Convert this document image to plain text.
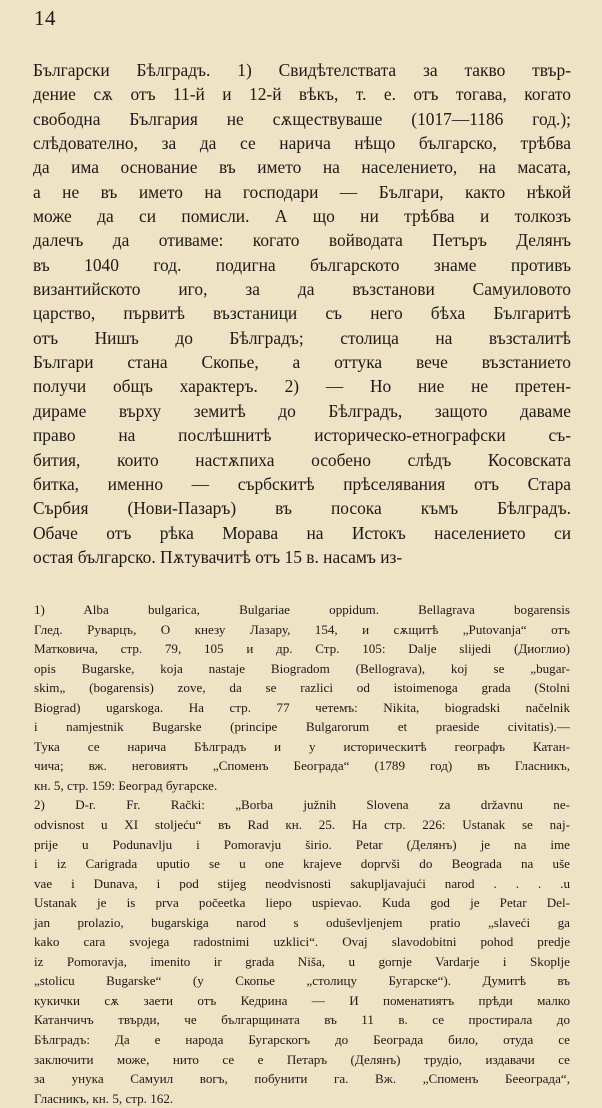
14
Български Бѣлградъ. 1) Свидѣтелствата за такво твър-
дение сѫ отъ 11-й и 12-й вѣкъ, т. е. отъ тогава, когато
свободна България не сѫществуваше (1017—1186 год.);
слѣдователно, за да се нарича нѣщо българско, трѣбва
да има основание въ името на населението, на масата,
а не въ името на господари — Българи, както нѣкой
може да си помисли. А що ни трѣбва и толкозъ
далечъ да отиваме: когато войводата Петъръ Делянъ
въ 1040 год. подигна българското знаме противъ
византийското иго, за да възстанови Самуиловото
царство, първитѣ възстаници съ него бѣха Българитѣ
отъ Нишъ до Бѣлградъ; столица на възсталитѣ
Българи стана Скопье, а оттука вече възстанието
получи общъ характеръ. 2) — Но ние не претен-
дираме върху земитѣ до Бѣлградъ, защото даваме
право на послѣшнитѣ историческо-етнографски съ-
бития, които настѫпиха особено слѣдъ Косовската
битка, именно — сърбскитѣ прѣселявания отъ Стара
Сърбия (Нови-Пазаръ) въ посока къмъ Бѣлградъ.
Обаче отъ рѣка Морава на Истокъ населението си
остая българско. Пѫтувачитѣ отъ 15 в. насамъ из-
1) Alba bulgarica, Bulgariae oppidum. Bellagrava bogarensis
Глед. Руварцъ, О кнезу Лазару, 154, и сѫщитѣ „Putovanja“ отъ
Матковича, стр. 79, 105 и др. Стр. 105: Dalje slijedi (Диоглио)
opis Bugarske, koja nastaje Biogradom (Bellograva), koj se „bugar-
skim„ (bogarensis) zove, da se razlici od istoimenoga grada (Stolni
Biograd) ugarskoga. На стр. 77 четемъ: Nikita, biogradski načelnik
i namjestnik Bugarske (principe Bulgarorum et praeside civitatis).—
Тука се нарича Бѣлградъ и у историческитѣ географъ Катан-
чича; вж. неговиятъ „Споменъ Београда“ (1789 год) въ Гласникъ,
кн. 5, стр. 159: Београд бугарске.
2) D-r. Fr. Rački: „Borba južnih Slovena za državnu ne-
odvisnost u XI stoljeću“ въ Rad кн. 25. На стр. 226: Ustanak se naj-
prije u Podunavlju i Pomoravju širio. Petar (Делянъ) je na ime
i iz Carigrada uputio se u one krajeve doprvši do Beograda na uše
vae i Dunava, i pod stijeg neodvisnosti sakupljavajući narod . . . .u
Ustanak je is prva počeetka liepo uspievao. Kuda god je Petar Del-
jan prolazio, bugarskiga narod s oduševljenjem pratio „slaveći ga
kako cara svojega radostnimi uzklici“. Ovaj slavodobitni pohod predje
iz Pomoravja, imenito ir grada Niša, u gornje Vardarje i Skoplje
„stolicu Bugarske“ (у Скопье „столицу Бугарске“). Думитѣ въ
кукички сѫ заети отъ Кедрина — И поменатиятъ прѣди малко
Катанчичъ твърди, че българщината въ 11 в. се простирала до
Бѣлградъ: Да е народа Бугарскогъ до Београда било, отуда се
заключити може, нито се е Петаръ (Делянъ) трудіо, издавачи се
за унука Самуил вогъ, побунити га. Вж. „Споменъ Бееограда“,
Гласникъ, кн. 5, стр. 162.
